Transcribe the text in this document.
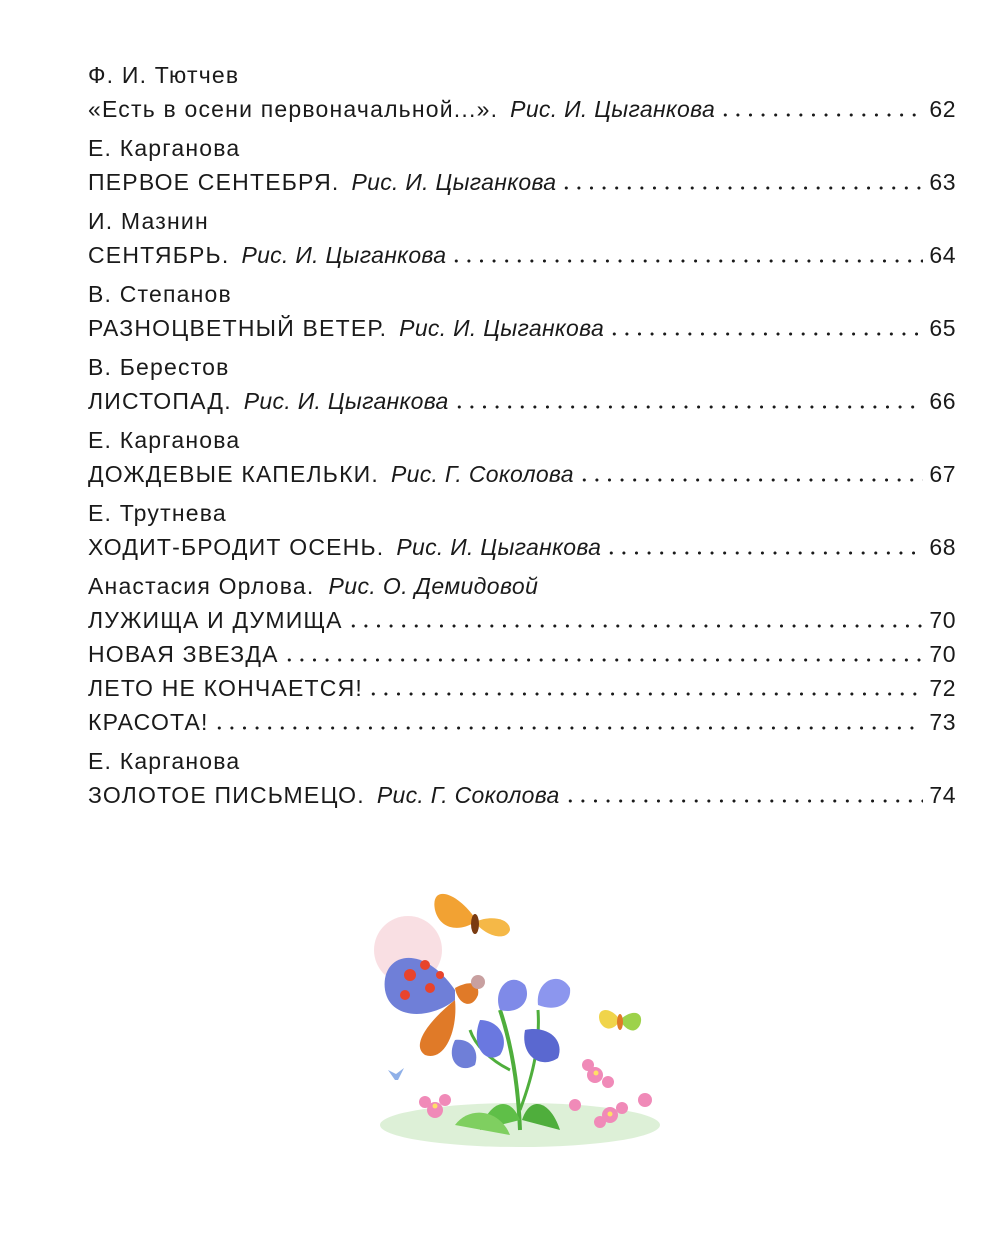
Ф. И. Тютчев
«Есть в осени первоначальной...». Рис. И. Цыганкова	62
Е. Карганова
ПЕРВОЕ СЕНТЕБРЯ. Рис. И. Цыганкова	63
И. Мазнин
СЕНТЯБРЬ. Рис. И. Цыганкова	64
В. Степанов
РАЗНОЦВЕТНЫЙ ВЕТЕР. Рис. И. Цыганкова	65
В. Берестов
ЛИСТОПАД. Рис. И. Цыганкова	66
Е. Карганова
ДОЖДЕВЫЕ КАПЕЛЬКИ. Рис. Г. Соколова	67
Е. Трутнева
ХОДИТ-БРОДИТ ОСЕНЬ. Рис. И. Цыганкова	68
Анастасия Орлова. Рис. О. Демидовой
ЛУЖИЩА И ДУМИЩА	70
НОВАЯ ЗВЕЗДА	70
ЛЕТО НЕ КОНЧАЕТСЯ!	72
КРАСОТА!	73
Е. Карганова
ЗОЛОТОЕ ПИСЬМЕЦО. Рис. Г. Соколова	74
